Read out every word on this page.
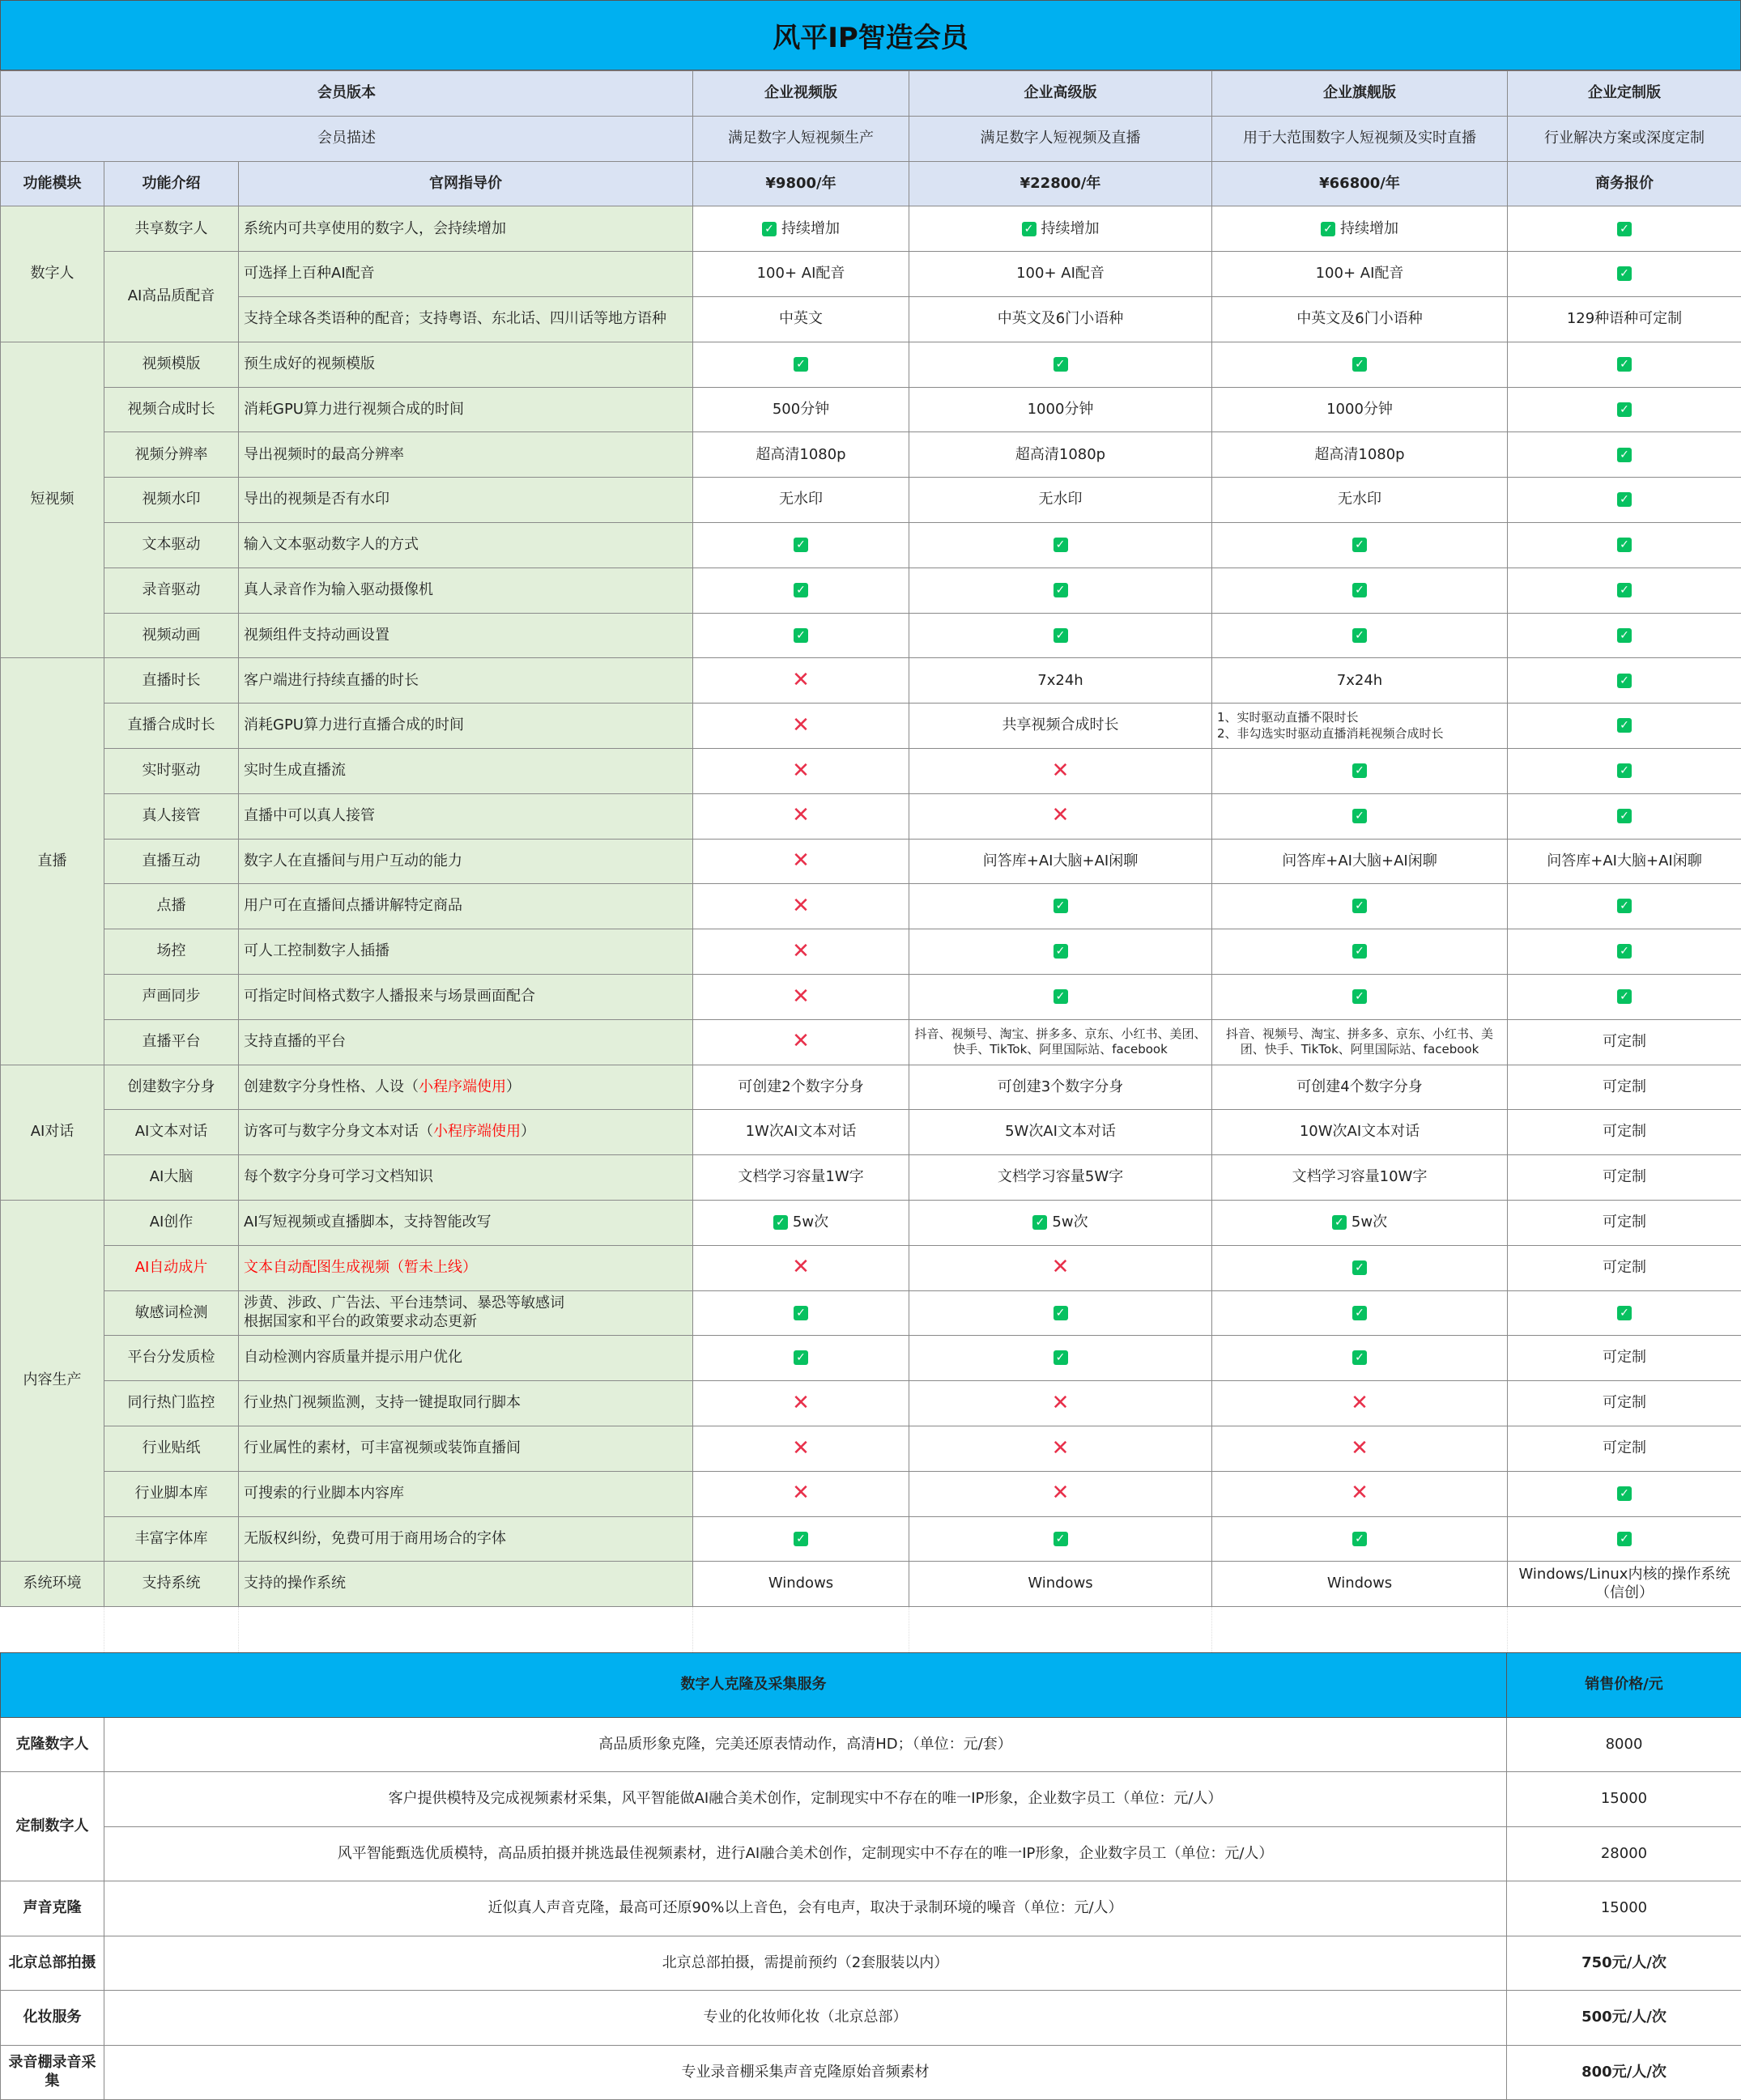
风平IP智造会员
会员版本			企业视频版	企业高级版	企业旗舰版	企业定制版
会员描述			满足数字人短视频生产	满足数字人短视频及直播	用于大范围数字人短视频及实时直播	行业解决方案或深度定制
功能模块	功能介绍	官网指导价	¥9800/年	¥22800/年	¥66800/年	商务报价
数字人	共享数字人	系统内可共享使用的数字人，会持续增加	✓ 持续增加	✓ 持续增加	✓ 持续增加	✓
	AI高品质配音	可选择上百种AI配音	100+ AI配音	100+ AI配音	100+ AI配音	✓
		支持全球各类语种的配音；支持粤语、东北话、四川话等地方语种	中英文	中英文及6门小语种	中英文及6门小语种	129种语种可定制
短视频	视频模版	预生成好的视频模版	✓	✓	✓	✓
	视频合成时长	消耗GPU算力进行视频合成的时间	500分钟	1000分钟	1000分钟	✓
	视频分辨率	导出视频时的最高分辨率	超高清1080p	超高清1080p	超高清1080p	✓
	视频水印	导出的视频是否有水印	无水印	无水印	无水印	✓
	文本驱动	输入文本驱动数字人的方式	✓	✓	✓	✓
	录音驱动	真人录音作为输入驱动摄像机	✓	✓	✓	✓
	视频动画	视频组件支持动画设置	✓	✓	✓	✓
直播	直播时长	客户端进行持续直播的时长	✕	7x24h	7x24h	✓
	直播合成时长	消耗GPU算力进行直播合成的时间	✕	共享视频合成时长	1、实时驱动直播不限时长
2、非勾选实时驱动直播消耗视频合成时长	✓
	实时驱动	实时生成直播流	✕	✕	✓	✓
	真人接管	直播中可以真人接管	✕	✕	✓	✓
	直播互动	数字人在直播间与用户互动的能力	✕	问答库+AI大脑+AI闲聊	问答库+AI大脑+AI闲聊	问答库+AI大脑+AI闲聊
	点播	用户可在直播间点播讲解特定商品	✕	✓	✓	✓
	场控	可人工控制数字人插播	✕	✓	✓	✓
	声画同步	可指定时间格式数字人播报来与场景画面配合	✕	✓	✓	✓
	直播平台	支持直播的平台	✕	抖音、视频号、淘宝、拼多多、京东、小红书、美团、快手、TikTok、阿里国际站、facebook	抖音、视频号、淘宝、拼多多、京东、小红书、美团、快手、TikTok、阿里国际站、facebook	可定制
AI对话	创建数字分身	创建数字分身性格、人设（小程序端使用）	可创建2个数字分身	可创建3个数字分身	可创建4个数字分身	可定制
	AI文本对话	访客可与数字分身文本对话（小程序端使用）	1W次AI文本对话	5W次AI文本对话	10W次AI文本对话	可定制
	AI大脑	每个数字分身可学习文档知识	文档学习容量1W字	文档学习容量5W字	文档学习容量10W字	可定制
内容生产	AI创作	AI写短视频或直播脚本，支持智能改写	✓ 5w次	✓ 5w次	✓ 5w次	可定制
	AI自动成片	文本自动配图生成视频（暂未上线）	✕	✕	✓	可定制
	敏感词检测	涉黄、涉政、广告法、平台违禁词、暴恐等敏感词
根据国家和平台的政策要求动态更新	✓	✓	✓	✓
	平台分发质检	自动检测内容质量并提示用户优化	✓	✓	✓	可定制
	同行热门监控	行业热门视频监测，支持一键提取同行脚本	✕	✕	✕	可定制
	行业贴纸	行业属性的素材，可丰富视频或装饰直播间	✕	✕	✕	可定制
	行业脚本库	可搜索的行业脚本内容库	✕	✕	✕	✓
	丰富字体库	无版权纠纷，免费可用于商用场合的字体	✓	✓	✓	✓
系统环境	支持系统	支持的操作系统	Windows	Windows	Windows	Windows/Linux内核的操作系统
（信创）

数字人克隆及采集服务		销售价格/元
克隆数字人	高品质形象克隆，完美还原表情动作，高清HD；（单位：元/套）	8000
定制数字人	客户提供模特及完成视频素材采集，风平智能做AI融合美术创作，定制现实中不存在的唯一IP形象，企业数字员工（单位：元/人）	15000
	风平智能甄选优质模特，高品质拍摄并挑选最佳视频素材，进行AI融合美术创作，定制现实中不存在的唯一IP形象，企业数字员工（单位：元/人）	28000
声音克隆	近似真人声音克隆，最高可还原90%以上音色，会有电声，取决于录制环境的噪音（单位：元/人）	15000
北京总部拍摄	北京总部拍摄，需提前预约（2套服装以内）	750元/人/次
化妆服务	专业的化妆师化妆（北京总部）	500元/人/次
录音棚录音采集	专业录音棚采集声音克隆原始音频素材	800元/人/次
